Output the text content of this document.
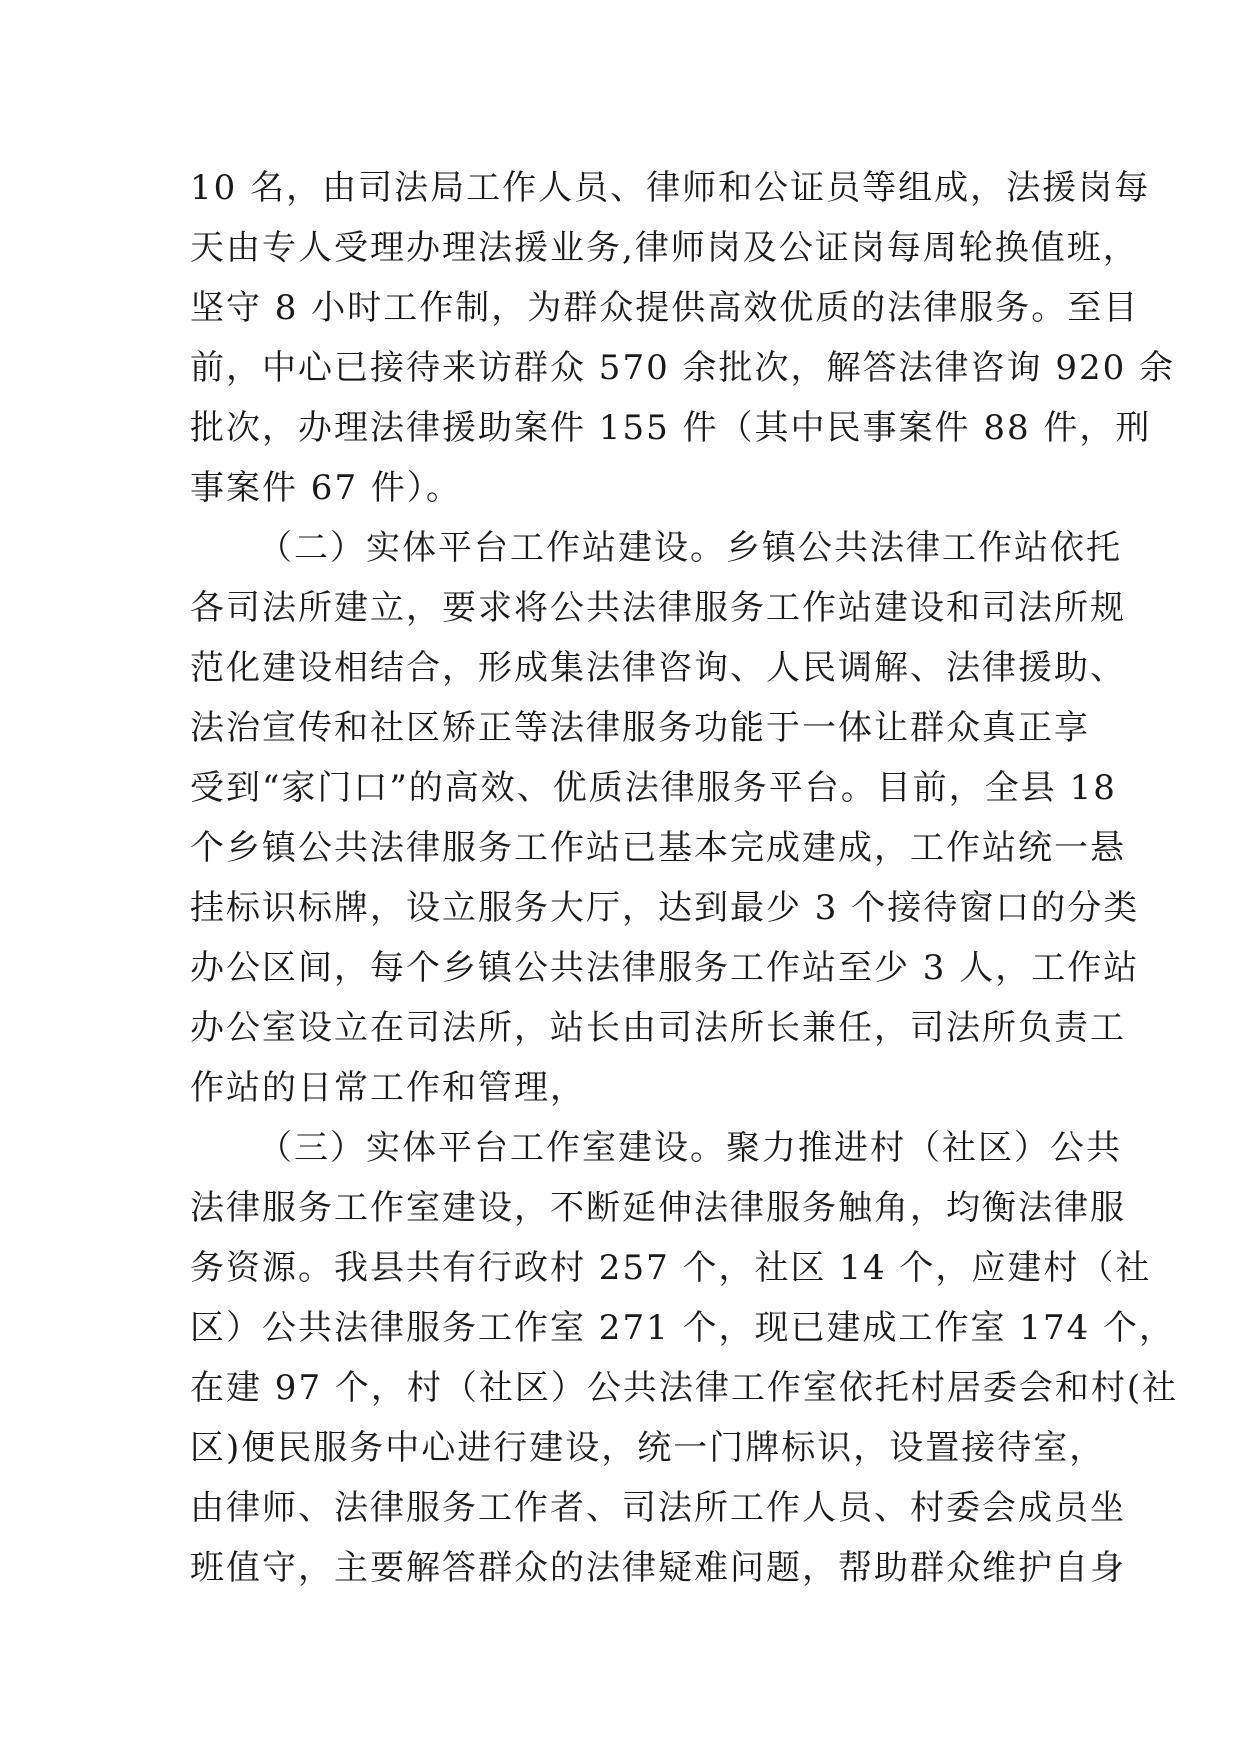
10 名，由司法局工作人员、律师和公证员等组成，法援岗每
天由专人受理办理法援业务,律师岗及公证岗每周轮换值班，
坚守 8 小时工作制，为群众提供高效优质的法律服务。至目
前，中心已接待来访群众 570 余批次，解答法律咨询 920 余
批次，办理法律援助案件 155 件（其中民事案件 88 件，刑
事案件 67 件）。
（二）实体平台工作站建设。乡镇公共法律工作站依托
各司法所建立，要求将公共法律服务工作站建设和司法所规
范化建设相结合，形成集法律咨询、人民调解、法律援助、
法治宣传和社区矫正等法律服务功能于一体让群众真正享
受到“家门口”的高效、优质法律服务平台。目前，全县 18
个乡镇公共法律服务工作站已基本完成建成，工作站统一悬
挂标识标牌，设立服务大厅，达到最少 3 个接待窗口的分类
办公区间，每个乡镇公共法律服务工作站至少 3 人，工作站
办公室设立在司法所，站长由司法所长兼任，司法所负责工
作站的日常工作和管理，
（三）实体平台工作室建设。聚力推进村（社区）公共
法律服务工作室建设，不断延伸法律服务触角，均衡法律服
务资源。我县共有行政村 257 个，社区 14 个，应建村（社
区）公共法律服务工作室 271 个，现已建成工作室 174 个，
在建 97 个，村（社区）公共法律工作室依托村居委会和村(社
区)便民服务中心进行建设，统一门牌标识，设置接待室，
由律师、法律服务工作者、司法所工作人员、村委会成员坐
班值守，主要解答群众的法律疑难问题，帮助群众维护自身
